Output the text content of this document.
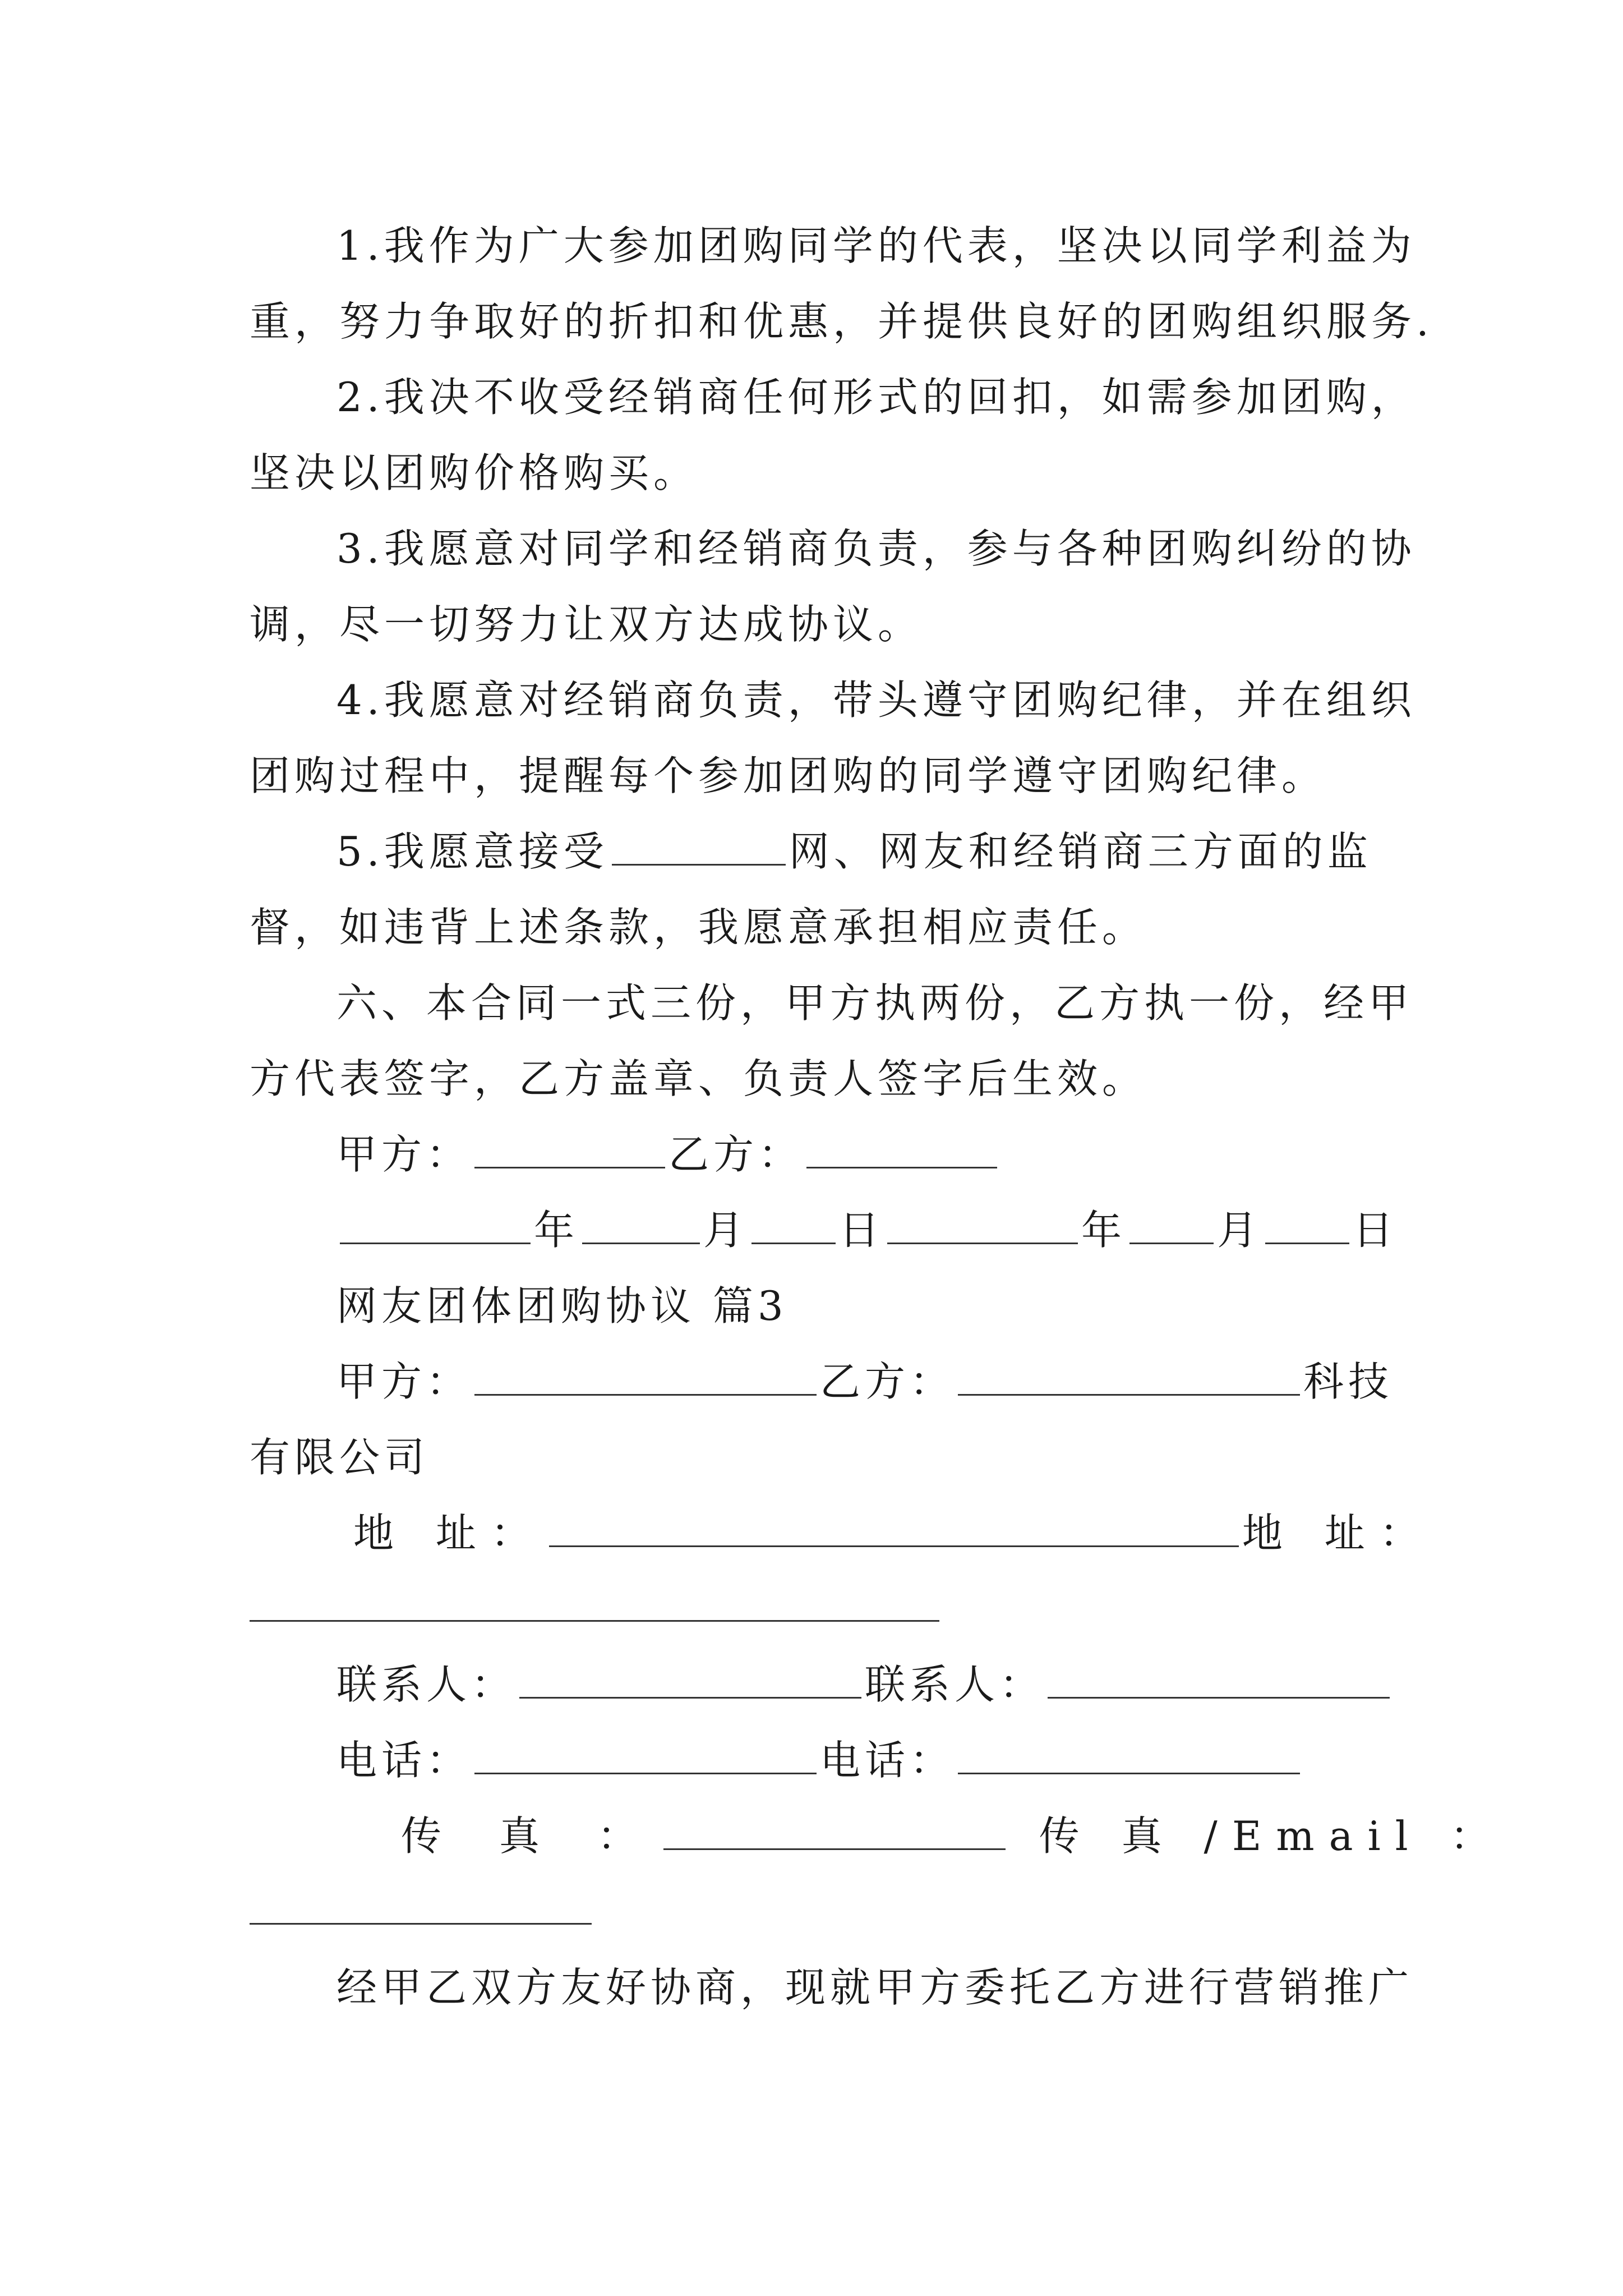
1.我作为广大参加团购同学的代表，坚决以同学利益为
重，努力争取好的折扣和优惠，并提供良好的团购组织服务.
2.我决不收受经销商任何形式的回扣，如需参加团购，
坚决以团购价格购买。
3.我愿意对同学和经销商负责，参与各种团购纠纷的协
调，尽一切努力让双方达成协议。
4.我愿意对经销商负责，带头遵守团购纪律，并在组织
团购过程中，提醒每个参加团购的同学遵守团购纪律。
5.我愿意接受	网、网友和经销商三方面的监
督，如违背上述条款，我愿意承担相应责任。
六、本合同一式三份，甲方执两份，乙方执一份，经甲
方代表签字，乙方盖章、负责人签字后生效。
甲方：	乙方：
年	月 日	年 月 日
网友团体团购协议 篇3
甲方：	乙方：	科技
有限公司
地 址：	地 址：
联系人：	联系人：
电话：	电话：
传 真 ：	传 真 /Email ：
经甲乙双方友好协商，现就甲方委托乙方进行营销推广
